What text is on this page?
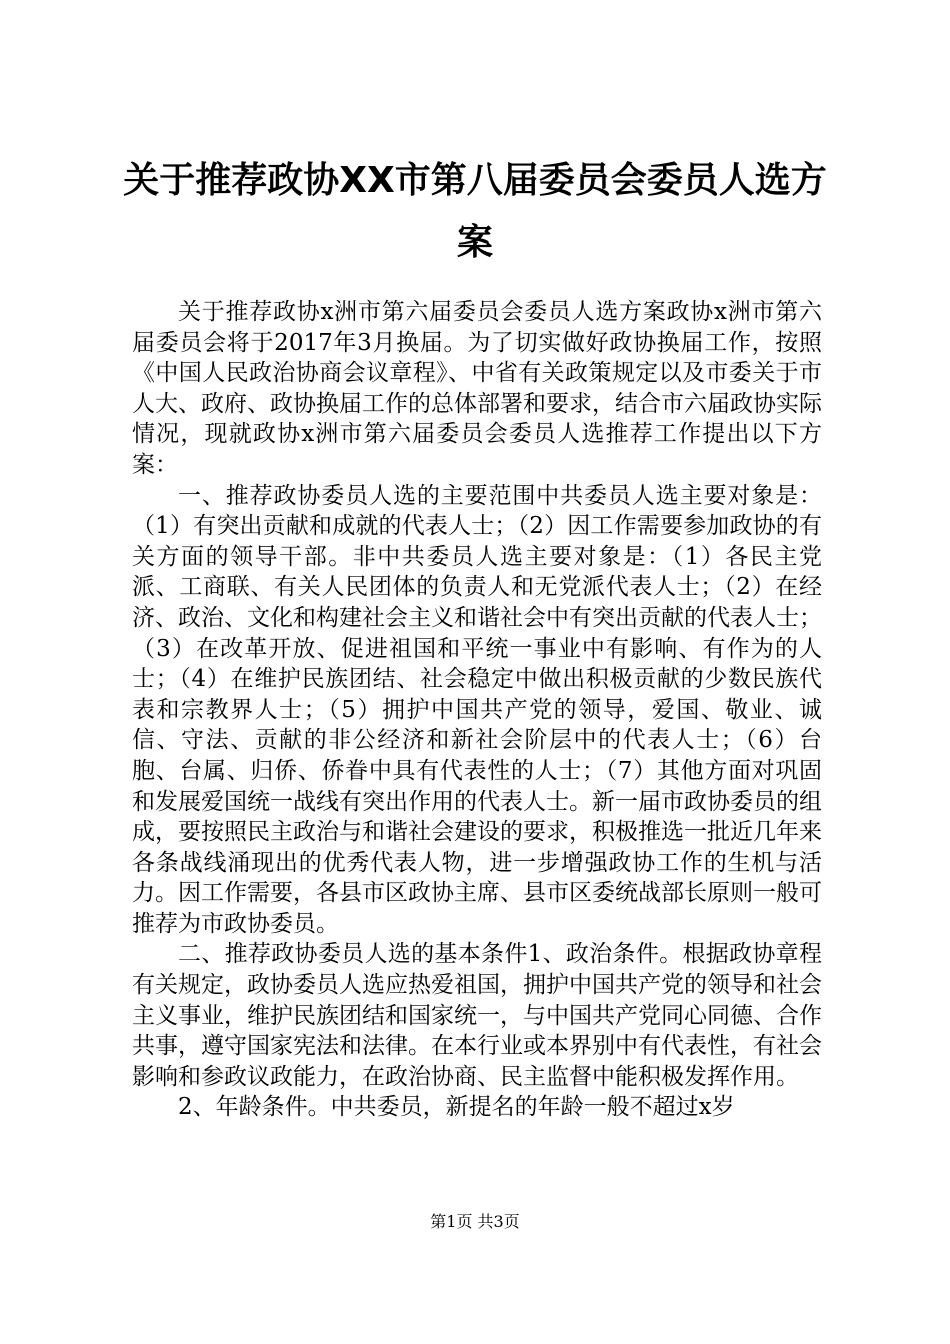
关于推荐政协XX市第八届委员会委员人选方案

关于推荐政协x洲市第六届委员会委员人选方案政协x洲市第六届委员会将于2017年3月换届。为了切实做好政协换届工作，按照《中国人民政治协商会议章程》、中省有关政策规定以及市委关于市人大、政府、政协换届工作的总体部署和要求，结合市六届政协实际情况，现就政协x洲市第六届委员会委员人选推荐工作提出以下方案：

一、推荐政协委员人选的主要范围中共委员人选主要对象是：（1）有突出贡献和成就的代表人士；（2）因工作需要参加政协的有关方面的领导干部。非中共委员人选主要对象是：（1）各民主党派、工商联、有关人民团体的负责人和无党派代表人士；（2）在经济、政治、文化和构建社会主义和谐社会中有突出贡献的代表人士；（3）在改革开放、促进祖国和平统一事业中有影响、有作为的人士；（4）在维护民族团结、社会稳定中做出积极贡献的少数民族代表和宗教界人士；（5）拥护中国共产党的领导，爱国、敬业、诚信、守法、贡献的非公经济和新社会阶层中的代表人士；（6）台胞、台属、归侨、侨眷中具有代表性的人士；（7）其他方面对巩固和发展爱国统一战线有突出作用的代表人士。新一届市政协委员的组成，要按照民主政治与和谐社会建设的要求，积极推选一批近几年来各条战线涌现出的优秀代表人物，进一步增强政协工作的生机与活力。因工作需要，各县市区政协主席、县市区委统战部长原则一般可推荐为市政协委员。

二、推荐政协委员人选的基本条件1、政治条件。根据政协章程有关规定，政协委员人选应热爱祖国，拥护中国共产党的领导和社会主义事业，维护民族团结和国家统一，与中国共产党同心同德、合作共事，遵守国家宪法和法律。在本行业或本界别中有代表性，有社会影响和参政议政能力，在政治协商、民主监督中能积极发挥作用。

2、年龄条件。中共委员，新提名的年龄一般不超过x岁

第1页 共3页
